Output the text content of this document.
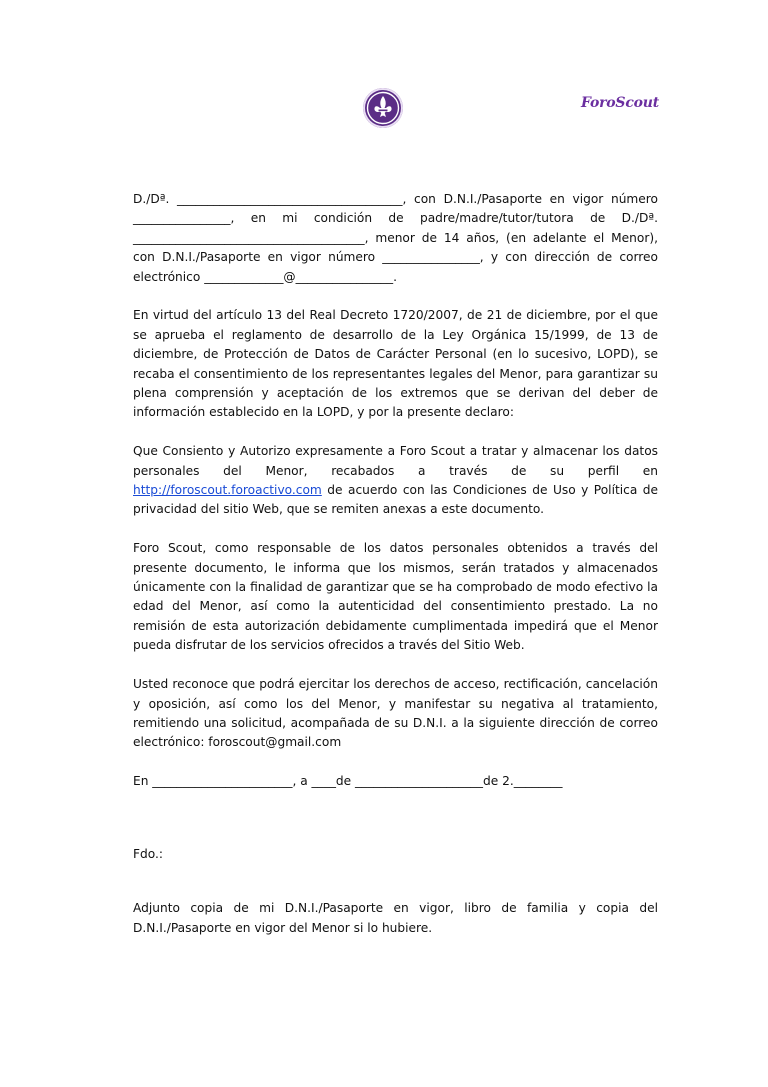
ForoScout

D./Dª. _____________________________________, con D.N.I./Pasaporte en vigor número ________________, en mi condición de padre/madre/tutor/tutora de D./Dª. ______________________________________, menor de 14 años, (en adelante el Menor), con D.N.I./Pasaporte en vigor número ________________, y con dirección de correo electrónico _____________@________________.

En virtud del artículo 13 del Real Decreto 1720/2007, de 21 de diciembre, por el que se aprueba el reglamento de desarrollo de la Ley Orgánica 15/1999, de 13 de diciembre, de Protección de Datos de Carácter Personal (en lo sucesivo, LOPD), se recaba el consentimiento de los representantes legales del Menor, para garantizar su plena comprensión y aceptación de los extremos que se derivan del deber de información establecido en la LOPD, y por la presente declaro:

Que Consiento y Autorizo expresamente a Foro Scout a tratar y almacenar los datos personales del Menor, recabados a través de su perfil en http://foroscout.foroactivo.com de acuerdo con las Condiciones de Uso y Política de privacidad del sitio Web, que se remiten anexas a este documento.

Foro Scout, como responsable de los datos personales obtenidos a través del presente documento, le informa que los mismos, serán tratados y almacenados únicamente con la finalidad de garantizar que se ha comprobado de modo efectivo la edad del Menor, así como la autenticidad del consentimiento prestado. La no remisión de esta autorización debidamente cumplimentada impedirá que el Menor pueda disfrutar de los servicios ofrecidos a través del Sitio Web.

Usted reconoce que podrá ejercitar los derechos de acceso, rectificación, cancelación y oposición, así como los del Menor, y manifestar su negativa al tratamiento, remitiendo una solicitud, acompañada de su D.N.I. a la siguiente dirección de correo electrónico: foroscout@gmail.com

En _______________________, a ____de _____________________de 2.________

Fdo.:
Adjunto copia de mi D.N.I./Pasaporte en vigor, libro de familia y copia del D.N.I./Pasaporte en vigor del Menor si lo hubiere.
